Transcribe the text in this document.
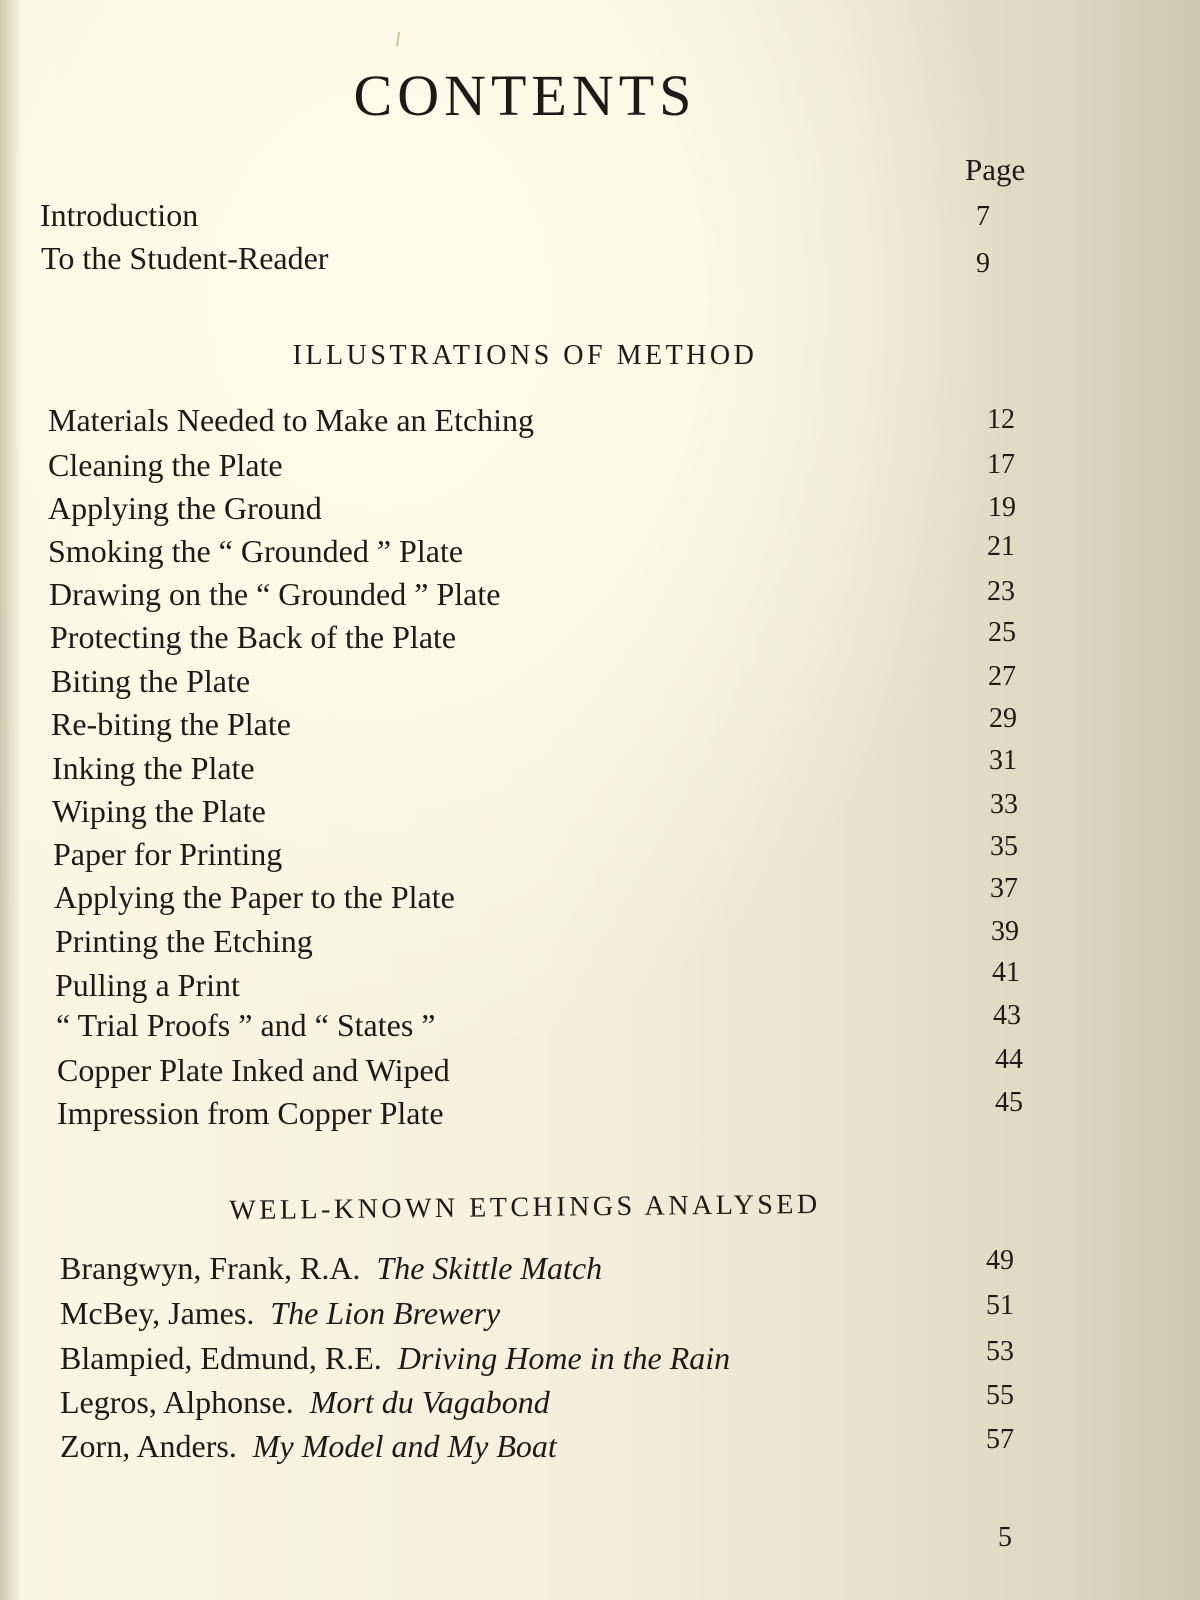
CONTENTS
Page
Introduction	7
To the Student-Reader	9
ILLUSTRATIONS OF METHOD
Materials Needed to Make an Etching	12
Cleaning the Plate	17
Applying the Ground	19
Smoking the “ Grounded ” Plate	21
Drawing on the “ Grounded ” Plate	23
Protecting the Back of the Plate	25
Biting the Plate	27
Re-biting the Plate	29
Inking the Plate	31
Wiping the Plate	33
Paper for Printing	35
Applying the Paper to the Plate	37
Printing the Etching	39
Pulling a Print	41
“ Trial Proofs ” and “ States ”	43
Copper Plate Inked and Wiped	44
Impression from Copper Plate	45
WELL-KNOWN ETCHINGS ANALYSED
Brangwyn, Frank, R.A. The Skittle Match	49
McBey, James. The Lion Brewery	51
Blampied, Edmund, R.E. Driving Home in the Rain	53
Legros, Alphonse. Mort du Vagabond	55
Zorn, Anders. My Model and My Boat	57
5
